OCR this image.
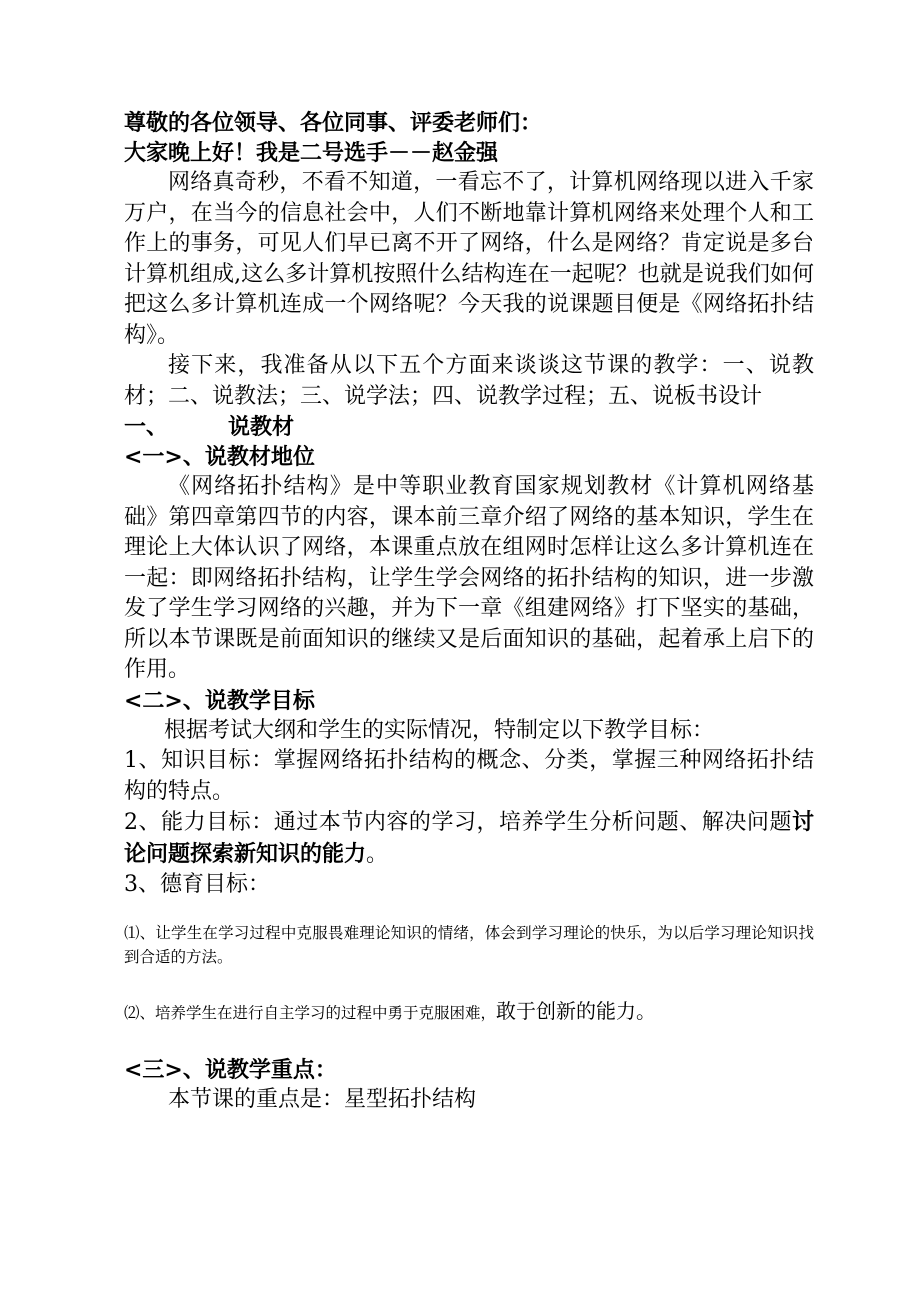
尊敬的各位领导、各位同事、评委老师们：

大家晚上好！我是二号选手－－赵金强

网络真奇秒，不看不知道，一看忘不了，计算机网络现以进入千家万户，在当今的信息社会中，人们不断地靠计算机网络来处理个人和工作上的事务，可见人们早已离不开了网络，什么是网络？肯定说是多台计算机组成,这么多计算机按照什么结构连在一起呢？也就是说我们如何把这么多计算机连成一个网络呢？今天我的说课题目便是《网络拓扑结构》。

接下来，我准备从以下五个方面来谈谈这节课的教学：一、说教材；二、说教法；三、说学法；四、说教学过程；五、说板书设计

一、	说教材

<一>、说教材地位

《网络拓扑结构》是中等职业教育国家规划教材《计算机网络基础》第四章第四节的内容，课本前三章介绍了网络的基本知识，学生在理论上大体认识了网络，本课重点放在组网时怎样让这么多计算机连在一起：即网络拓扑结构，让学生学会网络的拓扑结构的知识，进一步激发了学生学习网络的兴趣，并为下一章《组建网络》打下坚实的基础，所以本节课既是前面知识的继续又是后面知识的基础，起着承上启下的作用。

<二>、说教学目标

根据考试大纲和学生的实际情况，特制定以下教学目标：

1、知识目标：掌握网络拓扑结构的概念、分类，掌握三种网络拓扑结构的特点。

2、能力目标：通过本节内容的学习，培养学生分析问题、解决问题讨论问题探索新知识的能力。

3、德育目标：

⑴、让学生在学习过程中克服畏难理论知识的情绪，体会到学习理论的快乐，为以后学习理论知识找到合适的方法。

⑵、培养学生在进行自主学习的过程中勇于克服困难，敢于创新的能力。

<三>、说教学重点：

本节课的重点是：星型拓扑结构
